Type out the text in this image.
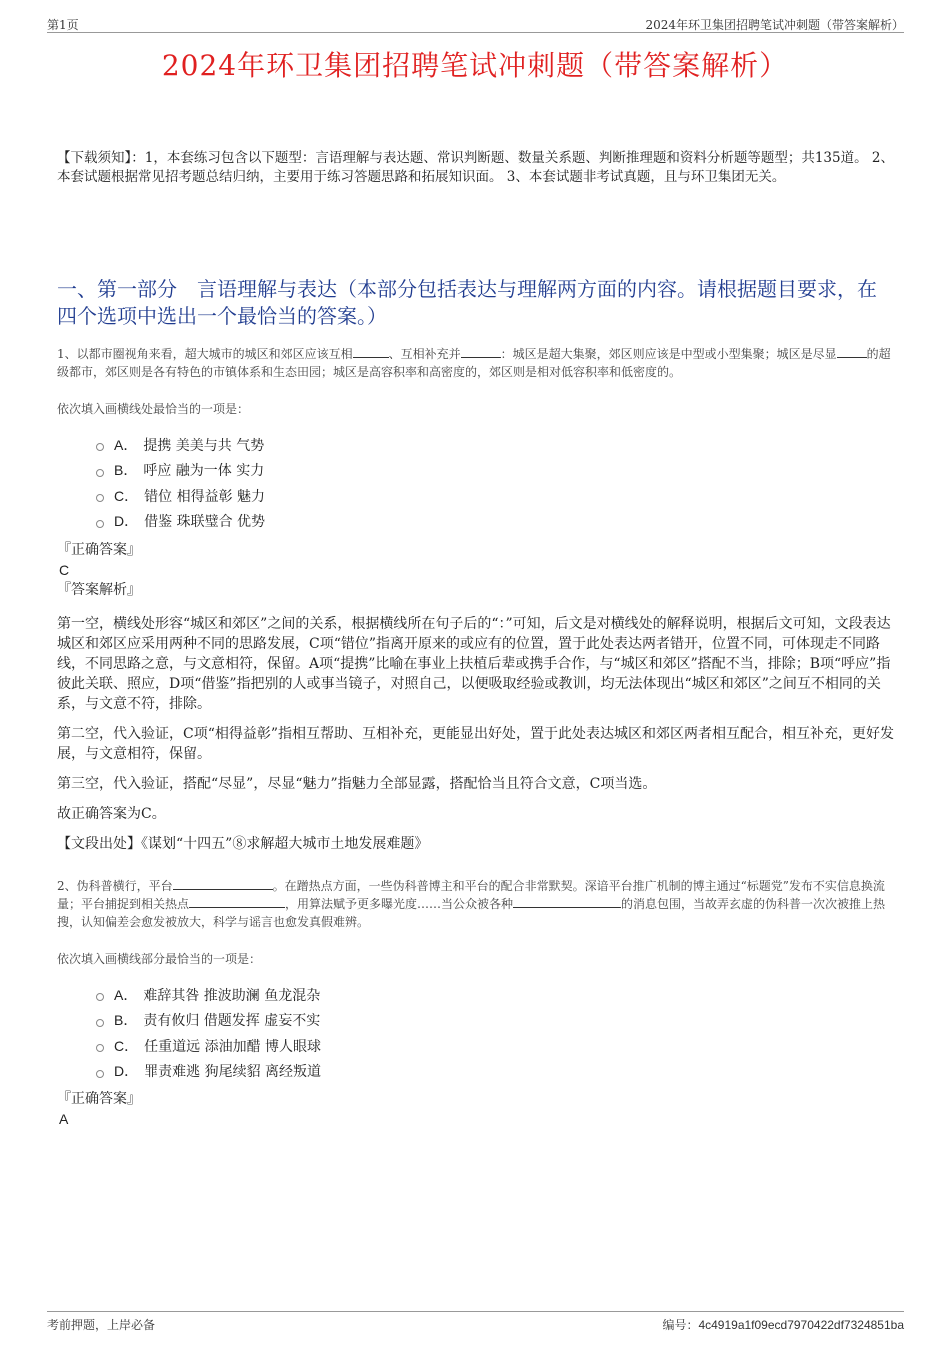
第1页	2024年环卫集团招聘笔试冲刺题（带答案解析）
2024年环卫集团招聘笔试冲刺题（带答案解析）
【下载须知】：1，本套练习包含以下题型：言语理解与表达题、常识判断题、数量关系题、判断推理题和资料分析题等题型；共135道。 2、本套试题根据常见招考题总结归纳，主要用于练习答题思路和拓展知识面。 3、本套试题非考试真题，且与环卫集团无关。
一、第一部分　言语理解与表达（本部分包括表达与理解两方面的内容。请根据题目要求，在四个选项中选出一个最恰当的答案。）
1、以都市圈视角来看，超大城市的城区和郊区应该互相	、互相补充并	：城区是超大集聚，郊区则应该是中型或小型集聚；城区是尽显	的超级都市，郊区则是各有特色的市镇体系和生态田园；城区是高容积率和高密度的，郊区则是相对低容积率和低密度的。
依次填入画横线处最恰当的一项是：
A． 提携 美美与共 气势
B． 呼应 融为一体 实力
C． 错位 相得益彰 魅力
D． 借鉴 珠联璧合 优势
『正确答案』
C
『答案解析』

第一空，横线处形容“城区和郊区”之间的关系，根据横线所在句子后的“：”可知，后文是对横线处的解释说明，根据后文可知，文段表达城区和郊区应采用两种不同的思路发展，C项“错位”指离开原来的或应有的位置，置于此处表达两者错开，位置不同，可体现走不同路线，不同思路之意，与文意相符，保留。A项“提携”比喻在事业上扶植后辈或携手合作，与“城区和郊区”搭配不当，排除；B项“呼应”指彼此关联、照应，D项“借鉴”指把别的人或事当镜子，对照自己，以便吸取经验或教训，均无法体现出“城区和郊区”之间互不相同的关系，与文意不符，排除。

第二空，代入验证，C项“相得益彰”指相互帮助、互相补充，更能显出好处，置于此处表达城区和郊区两者相互配合，相互补充，更好发展，与文意相符，保留。

第三空，代入验证，搭配“尽显”，尽显“魅力”指魅力全部显露，搭配恰当且符合文意，C项当选。

故正确答案为C。

【文段出处】《谋划“十四五”⑧求解超大城市土地发展难题》

2、伪科普横行，平台	。在蹭热点方面，一些伪科普博主和平台的配合非常默契。深谙平台推广机制的博主通过“标题党”发布不实信息换流量；平台捕捉到相关热点	，用算法赋予更多曝光度……当公众被各种	的消息包围，当故弄玄虚的伪科普一次次被推上热搜，认知偏差会愈发被放大，科学与谣言也愈发真假难辨。
依次填入画横线部分最恰当的一项是：
A． 难辞其咎 推波助澜 鱼龙混杂
B． 责有攸归 借题发挥 虚妄不实
C． 任重道远 添油加醋 博人眼球
D． 罪责难逃 狗尾续貂 离经叛道
『正确答案』
A
考前押题，上岸必备	编号：4c4919a1f09ecd7970422df7324851ba
